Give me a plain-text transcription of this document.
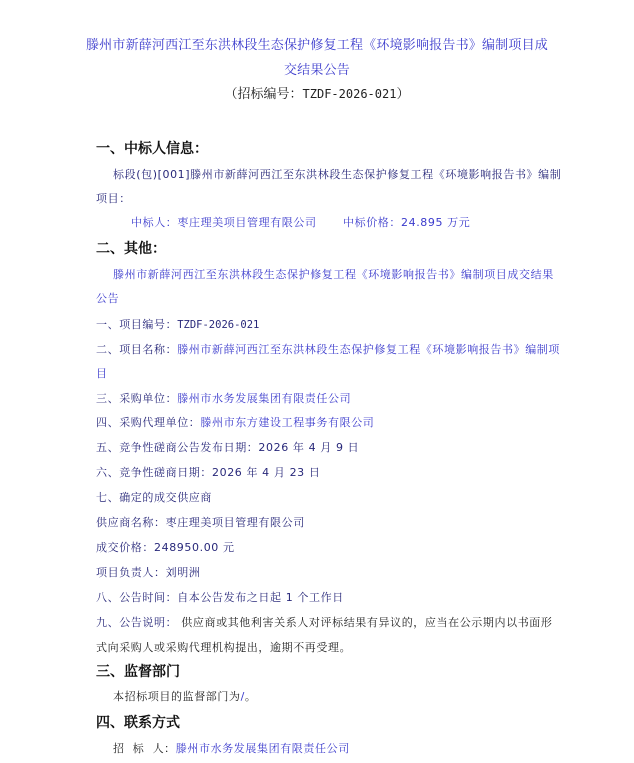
滕州市新薛河西江至东洪林段生态保护修复工程《环境影响报告书》编制项目成
交结果公告
（招标编号：TZDF-2026-021）
一、中标人信息：
标段(包)[001]滕州市新薛河西江至东洪林段生态保护修复工程《环境影响报告书》编制
项目：
中标人：枣庄理美项目管理有限公司 中标价格：24.895 万元
二、其他：
滕州市新薛河西江至东洪林段生态保护修复工程《环境影响报告书》编制项目成交结果
公告
一、项目编号：TZDF-2026-021
二、项目名称：滕州市新薛河西江至东洪林段生态保护修复工程《环境影响报告书》编制项
目
三、采购单位：滕州市水务发展集团有限责任公司
四、采购代理单位：滕州市东方建设工程事务有限公司
五、竞争性磋商公告发布日期：2026 年 4 月 9 日
六、竞争性磋商日期：2026 年 4 月 23 日
七、确定的成交供应商
供应商名称：枣庄理美项目管理有限公司
成交价格：248950.00 元
项目负责人：刘明洲
八、公告时间：自本公告发布之日起 1 个工作日
九、公告说明： 供应商或其他利害关系人对评标结果有异议的，应当在公示期内以书面形
式向采购人或采购代理机构提出，逾期不再受理。
三、监督部门
本招标项目的监督部门为/。
四、联系方式
招  标  人：滕州市水务发展集团有限责任公司
